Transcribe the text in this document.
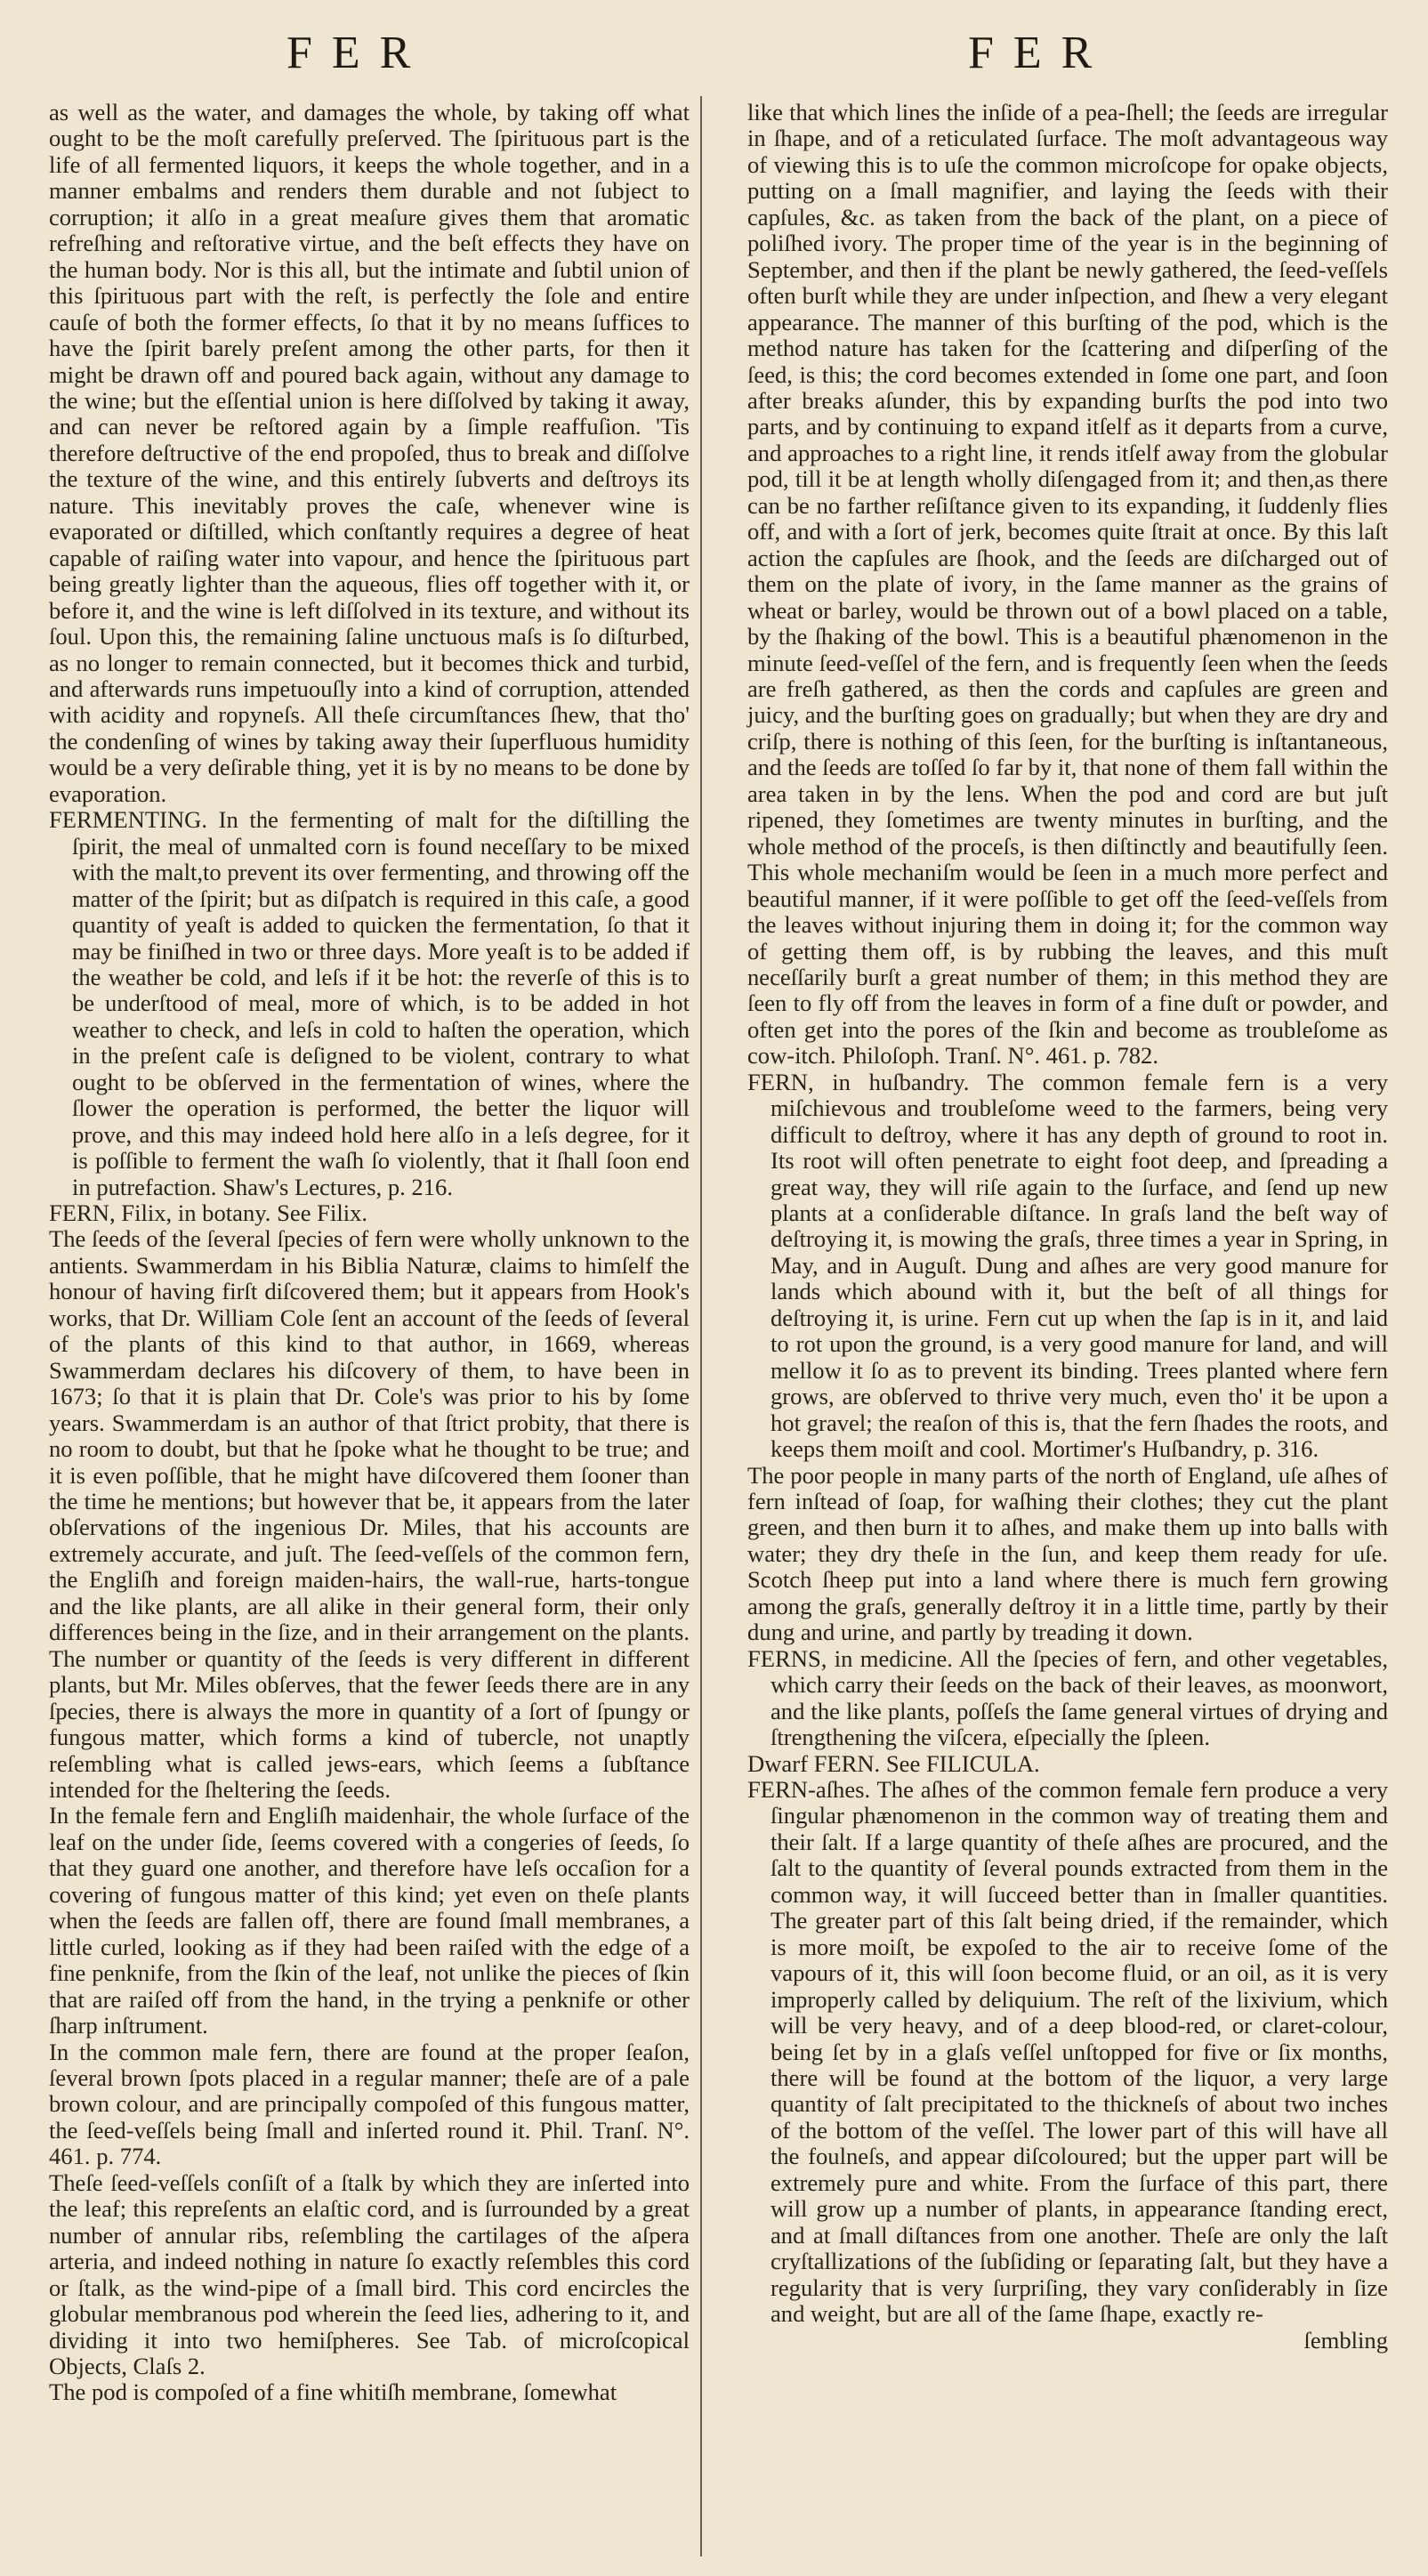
FER	FER

as well as the water, and damages the whole, by taking off what ought to be the moſt carefully preſerved. The ſpirituous part is the life of all fermented liquors, it keeps the whole together, and in a manner embalms and renders them durable and not ſubject to corruption; it alſo in a great meaſure gives them that aromatic refreſhing and reſtorative virtue, and the beſt effects they have on the human body. Nor is this all, but the intimate and ſubtil union of this ſpirituous part with the reſt, is perfectly the ſole and entire cauſe of both the former effects, ſo that it by no means ſuffices to have the ſpirit barely preſent among the other parts, for then it might be drawn off and poured back again, without any damage to the wine; but the eſſential union is here diſſolved by taking it away, and can never be reſtored again by a ſimple reaffuſion. 'Tis therefore deſtructive of the end propoſed, thus to break and diſſolve the texture of the wine, and this entirely ſubverts and deſtroys its nature. This inevitably proves the caſe, whenever wine is evaporated or diſtilled, which conſtantly requires a degree of heat capable of raiſing water into vapour, and hence the ſpirituous part being greatly lighter than the aqueous, flies off together with it, or before it, and the wine is left diſſolved in its texture, and without its ſoul. Upon this, the remaining ſaline unctuous maſs is ſo diſturbed, as no longer to remain connected, but it becomes thick and turbid, and afterwards runs impetuouſly into a kind of corruption, attended with acidity and ropyneſs. All theſe circumſtances ſhew, that tho' the condenſing of wines by taking away their ſuperfluous humidity would be a very deſirable thing, yet it is by no means to be done by evaporation.

FERMENTING. In the fermenting of malt for the diſtilling the ſpirit, the meal of unmalted corn is found neceſſary to be mixed with the malt,to prevent its over fermenting, and throwing off the matter of the ſpirit; but as diſpatch is required in this caſe, a good quantity of yeaſt is added to quicken the fermentation, ſo that it may be finiſhed in two or three days. More yeaſt is to be added if the weather be cold, and leſs if it be hot: the reverſe of this is to be underſtood of meal, more of which, is to be added in hot weather to check, and leſs in cold to haſten the operation, which in the preſent caſe is deſigned to be violent, contrary to what ought to be obſerved in the fermentation of wines, where the ſlower the operation is performed, the better the liquor will prove, and this may indeed hold here alſo in a leſs degree, for it is poſſible to ferment the waſh ſo violently, that it ſhall ſoon end in putrefaction. Shaw's Lectures, p. 216.

FERN, Filix, in botany. See Filix.

The ſeeds of the ſeveral ſpecies of fern were wholly unknown to the antients. Swammerdam in his Biblia Naturæ, claims to himſelf the honour of having firſt diſcovered them; but it appears from Hook's works, that Dr. William Cole ſent an account of the ſeeds of ſeveral of the plants of this kind to that author, in 1669, whereas Swammerdam declares his diſcovery of them, to have been in 1673; ſo that it is plain that Dr. Cole's was prior to his by ſome years. Swammerdam is an author of that ſtrict probity, that there is no room to doubt, but that he ſpoke what he thought to be true; and it is even poſſible, that he might have diſcovered them ſooner than the time he mentions; but however that be, it appears from the later obſervations of the ingenious Dr. Miles, that his accounts are extremely accurate, and juſt. The ſeed-veſſels of the common fern, the Engliſh and foreign maiden-hairs, the wall-rue, harts-tongue and the like plants, are all alike in their general form, their only differences being in the ſize, and in their arrangement on the plants. The number or quantity of the ſeeds is very different in different plants, but Mr. Miles obſerves, that the fewer ſeeds there are in any ſpecies, there is always the more in quantity of a ſort of ſpungy or fungous matter, which forms a kind of tubercle, not unaptly reſembling what is called jews-ears, which ſeems a ſubſtance intended for the ſheltering the ſeeds.

In the female fern and Engliſh maidenhair, the whole ſurface of the leaf on the under ſide, ſeems covered with a congeries of ſeeds, ſo that they guard one another, and therefore have leſs occaſion for a covering of fungous matter of this kind; yet even on theſe plants when the ſeeds are fallen off, there are found ſmall membranes, a little curled, looking as if they had been raiſed with the edge of a fine penknife, from the ſkin of the leaf, not unlike the pieces of ſkin that are raiſed off from the hand, in the trying a penknife or other ſharp inſtrument.

In the common male fern, there are found at the proper ſeaſon, ſeveral brown ſpots placed in a regular manner; theſe are of a pale brown colour, and are principally compoſed of this fungous matter, the ſeed-veſſels being ſmall and inſerted round it. Phil. Tranſ. N°. 461. p. 774.

Theſe ſeed-veſſels conſiſt of a ſtalk by which they are inſerted into the leaf; this repreſents an elaſtic cord, and is ſurrounded by a great number of annular ribs, reſembling the cartilages of the aſpera arteria, and indeed nothing in nature ſo exactly reſembles this cord or ſtalk, as the wind-pipe of a ſmall bird. This cord encircles the globular membranous pod wherein the ſeed lies, adhering to it, and dividing it into two hemiſpheres. See Tab. of microſcopical Objects, Claſs 2.

The pod is compoſed of a fine whitiſh membrane, ſomewhat

like that which lines the inſide of a pea-ſhell; the ſeeds are irregular in ſhape, and of a reticulated ſurface. The moſt advantageous way of viewing this is to uſe the common microſcope for opake objects, putting on a ſmall magnifier, and laying the ſeeds with their capſules, &c. as taken from the back of the plant, on a piece of poliſhed ivory. The proper time of the year is in the beginning of September, and then if the plant be newly gathered, the ſeed-veſſels often burſt while they are under inſpection, and ſhew a very elegant appearance. The manner of this burſting of the pod, which is the method nature has taken for the ſcattering and diſperſing of the ſeed, is this; the cord becomes extended in ſome one part, and ſoon after breaks aſunder, this by expanding burſts the pod into two parts, and by continuing to expand itſelf as it departs from a curve, and approaches to a right line, it rends itſelf away from the globular pod, till it be at length wholly diſengaged from it; and then,as there can be no farther reſiſtance given to its expanding, it ſuddenly flies off, and with a ſort of jerk, becomes quite ſtrait at once. By this laſt action the capſules are ſhook, and the ſeeds are diſcharged out of them on the plate of ivory, in the ſame manner as the grains of wheat or barley, would be thrown out of a bowl placed on a table, by the ſhaking of the bowl. This is a beautiful phænomenon in the minute ſeed-veſſel of the fern, and is frequently ſeen when the ſeeds are freſh gathered, as then the cords and capſules are green and juicy, and the burſting goes on gradually; but when they are dry and criſp, there is nothing of this ſeen, for the burſting is inſtantaneous, and the ſeeds are toſſed ſo far by it, that none of them fall within the area taken in by the lens. When the pod and cord are but juſt ripened, they ſometimes are twenty minutes in burſting, and the whole method of the proceſs, is then diſtinctly and beautifully ſeen. This whole mechaniſm would be ſeen in a much more perfect and beautiful manner, if it were poſſible to get off the ſeed-veſſels from the leaves without injuring them in doing it; for the common way of getting them off, is by rubbing the leaves, and this muſt neceſſarily burſt a great number of them; in this method they are ſeen to fly off from the leaves in form of a fine duſt or powder, and often get into the pores of the ſkin and become as troubleſome as cow-itch. Philoſoph. Tranſ. N°. 461. p. 782.

FERN, in huſbandry. The common female fern is a very miſchievous and troubleſome weed to the farmers, being very difficult to deſtroy, where it has any depth of ground to root in. Its root will often penetrate to eight foot deep, and ſpreading a great way, they will riſe again to the ſurface, and ſend up new plants at a conſiderable diſtance. In graſs land the beſt way of deſtroying it, is mowing the graſs, three times a year in Spring, in May, and in Auguſt. Dung and aſhes are very good manure for lands which abound with it, but the beſt of all things for deſtroying it, is urine. Fern cut up when the ſap is in it, and laid to rot upon the ground, is a very good manure for land, and will mellow it ſo as to prevent its binding. Trees planted where fern grows, are obſerved to thrive very much, even tho' it be upon a hot gravel; the reaſon of this is, that the fern ſhades the roots, and keeps them moiſt and cool. Mortimer's Huſbandry, p. 316.

The poor people in many parts of the north of England, uſe aſhes of fern inſtead of ſoap, for waſhing their clothes; they cut the plant green, and then burn it to aſhes, and make them up into balls with water; they dry theſe in the ſun, and keep them ready for uſe. Scotch ſheep put into a land where there is much fern growing among the graſs, generally deſtroy it in a little time, partly by their dung and urine, and partly by treading it down.

FERNS, in medicine. All the ſpecies of fern, and other vegetables, which carry their ſeeds on the back of their leaves, as moonwort, and the like plants, poſſeſs the ſame general virtues of drying and ſtrengthening the viſcera, eſpecially the ſpleen.

Dwarf FERN. See FILICULA.

FERN-aſhes. The aſhes of the common female fern produce a very ſingular phænomenon in the common way of treating them and their ſalt. If a large quantity of theſe aſhes are procured, and the ſalt to the quantity of ſeveral pounds extracted from them in the common way, it will ſucceed better than in ſmaller quantities. The greater part of this ſalt being dried, if the remainder, which is more moiſt, be expoſed to the air to receive ſome of the vapours of it, this will ſoon become fluid, or an oil, as it is very improperly called by deliquium. The reſt of the lixivium, which will be very heavy, and of a deep blood-red, or claret-colour, being ſet by in a glaſs veſſel unſtopped for five or ſix months, there will be found at the bottom of the liquor, a very large quantity of ſalt precipitated to the thickneſs of about two inches of the bottom of the veſſel. The lower part of this will have all the foulneſs, and appear diſcoloured; but the upper part will be extremely pure and white. From the ſurface of this part, there will grow up a number of plants, in appearance ſtanding erect, and at ſmall diſtances from one another. Theſe are only the laſt cryſtallizations of the ſubſiding or ſeparating ſalt, but they have a regularity that is very ſurpriſing, they vary conſiderably in ſize and weight, but are all of the ſame ſhape, exactly re-

ſembling
